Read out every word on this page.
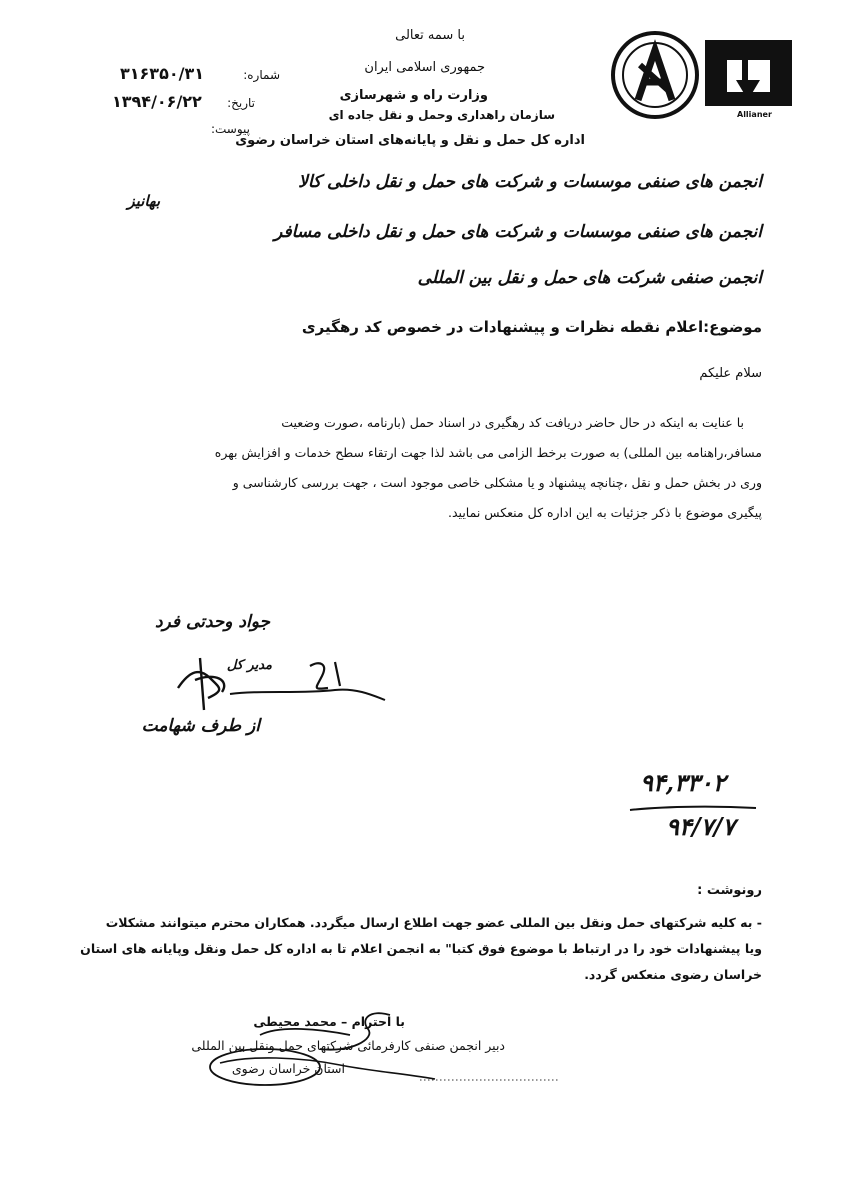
Allianer
با سمه تعالی
جمهوری اسلامی ایران
وزارت راه و شهرسازی
سازمان راهداری وحمل و نقل جاده ای
اداره کل حمل و نقل و پایانه‌های استان خراسان رضوی
شماره:
۳۱۶۳۵۰/۳۱
تاریخ:
۱۳۹۴/۰۶/۲۲
پیوست:
انجمن های صنفی موسسات و شرکت های حمل و نقل داخلی کالا
انجمن های صنفی موسسات و شرکت های حمل و نقل داخلی مسافر
انجمن صنفی شرکت های حمل و نقل بین المللی
بهانیز
موضوع:اعلام نقطه نظرات و پیشنهادات در خصوص کد رهگیری
سلام علیکم
با عنایت به اینکه در حال حاضر دریافت کد رهگیری در اسناد حمل (بارنامه ،صورت وضعیت
مسافر،راهنامه بین المللی) به صورت برخط الزامی می باشد لذا جهت ارتقاء سطح خدمات و افزایش بهره
وری در بخش حمل و نقل ،چنانچه پیشنهاد و یا مشکلی خاصی موجود است ، جهت بررسی کارشناسی و
پیگیری موضوع با ذکر جزئیات به این اداره کل منعکس نمایید.
جواد وحدتی فرد
مدیر کل
از طرف شهامت
۹۴,۳۳۰۲
۹۴/۷/۷
رونوشت :
- به کلیه شرکتهای حمل ونقل بین المللی عضو جهت اطلاع ارسال میگردد. همکاران محترم میتوانند مشکلات
ویا پیشنهادات خود را در ارتباط با موضوع فوق کتبا" به انجمن اعلام تا به اداره کل حمل ونقل وپایانه های استان
خراسان رضوی منعکس گردد.
با احترام – محمد محیطی
دبیر انجمن صنفی کارفرمائی شرکتهای حمل ونقل بین المللی
استان خراسان رضوی
